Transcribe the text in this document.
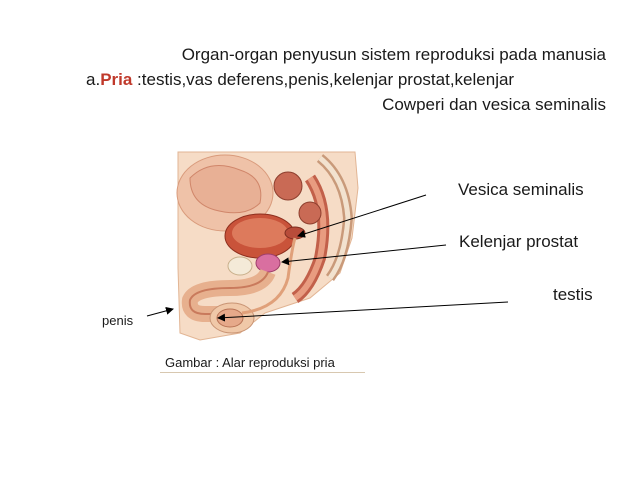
Organ-organ penyusun sistem reproduksi pada manusia
a.Pria :testis,vas deferens,penis,kelenjar prostat,kelenjar
Cowperi dan vesica seminalis
Vesica seminalis
Kelenjar prostat
testis
penis
Gambar : Alar reproduksi pria
